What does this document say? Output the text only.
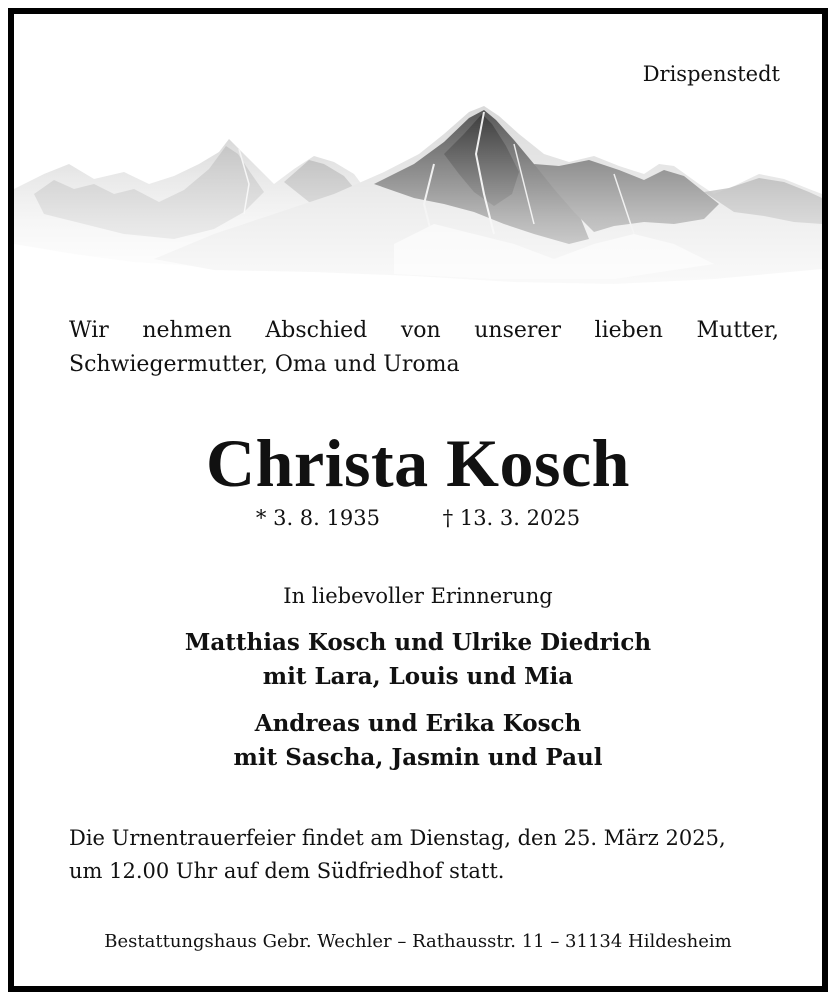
Drispenstedt
Wir nehmen Abschied von unserer lieben Mutter,
Schwiegermutter, Oma und Uroma
Christa Kosch
* 3. 8. 1935	† 13. 3. 2025
In liebevoller Erinnerung
Matthias Kosch und Ulrike Diedrich
mit Lara, Louis und Mia
Andreas und Erika Kosch
mit Sascha, Jasmin und Paul
Die Urnentrauerfeier findet am Dienstag, den 25. März 2025,
um 12.00 Uhr auf dem Südfriedhof statt.
Bestattungshaus Gebr. Wechler – Rathausstr. 11 – 31134 Hildesheim
